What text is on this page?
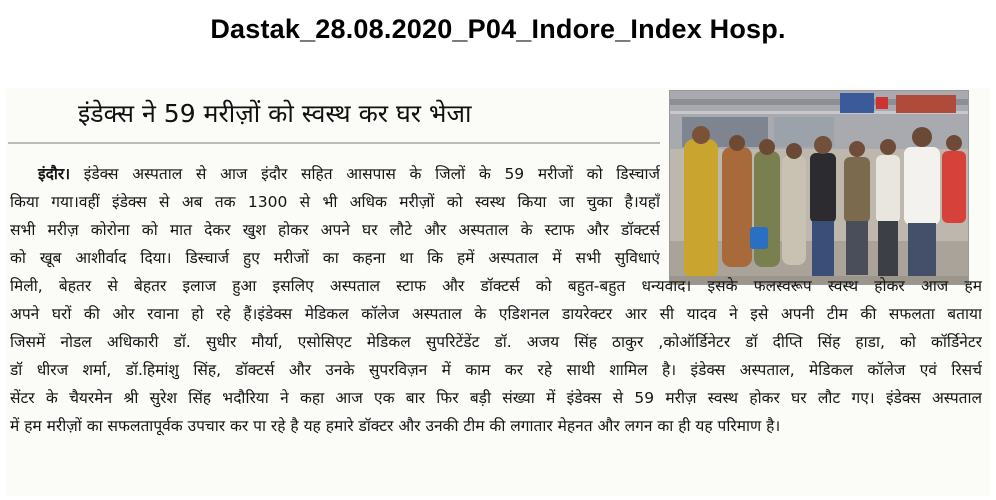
Dastak_28.08.2020_P04_Indore_Index Hosp.
इंडेक्स ने 59 मरीज़ों को स्वस्थ कर घर भेजा
इंदौर। इंडेक्स अस्पताल से आज इंदौर सहित आसपास के जिलों के 59 मरीजों को डिस्चार्ज
किया गया।वहीं इंडेक्स से अब तक 1300 से भी अधिक मरीज़ों को स्वस्थ किया जा चुका है।यहाँ
सभी मरीज़ कोरोना को मात देकर खुश होकर अपने घर लौटे और अस्पताल के स्टाफ और डॉक्टर्स
को खूब आशीर्वाद दिया। डिस्चार्ज हुए मरीजों का कहना था कि हमें अस्पताल में सभी सुविधाएं
मिली, बेहतर से बेहतर इलाज हुआ इसलिए अस्पताल स्टाफ और डॉक्टर्स को बहुत-बहुत धन्यवाद। इसके फलस्वरूप स्वस्थ होकर आज हम
अपने घरों की ओर रवाना हो रहे हैं।इंडेक्स मेडिकल कॉलेज अस्पताल के एडिशनल डायरेक्टर आर सी यादव ने इसे अपनी टीम की सफलता बताया
जिसमें नोडल अधिकारी डॉ. सुधीर मौर्या, एसोसिएट मेडिकल सुपरिटेंडेंट डॉ. अजय सिंह ठाकुर ,कोऑर्डिनेटर डॉ दीप्ति सिंह हाडा, को कॉर्डिनेटर
डॉ धीरज शर्मा, डॉ.हिमांशु सिंह, डॉक्टर्स और उनके सुपरविज़न में काम कर रहे साथी शामिल है। इंडेक्स अस्पताल, मेडिकल कॉलेज एवं रिसर्च
सेंटर के चैयरमेन श्री सुरेश सिंह भदौरिया ने कहा आज एक बार फिर बड़ी संख्या में इंडेक्स से 59 मरीज़ स्वस्थ होकर घर लौट गए। इंडेक्स अस्पताल
में हम मरीज़ों का सफलतापूर्वक उपचार कर पा रहे है यह हमारे डॉक्टर और उनकी टीम की लगातार मेहनत और लगन का ही यह परिमाण है।
